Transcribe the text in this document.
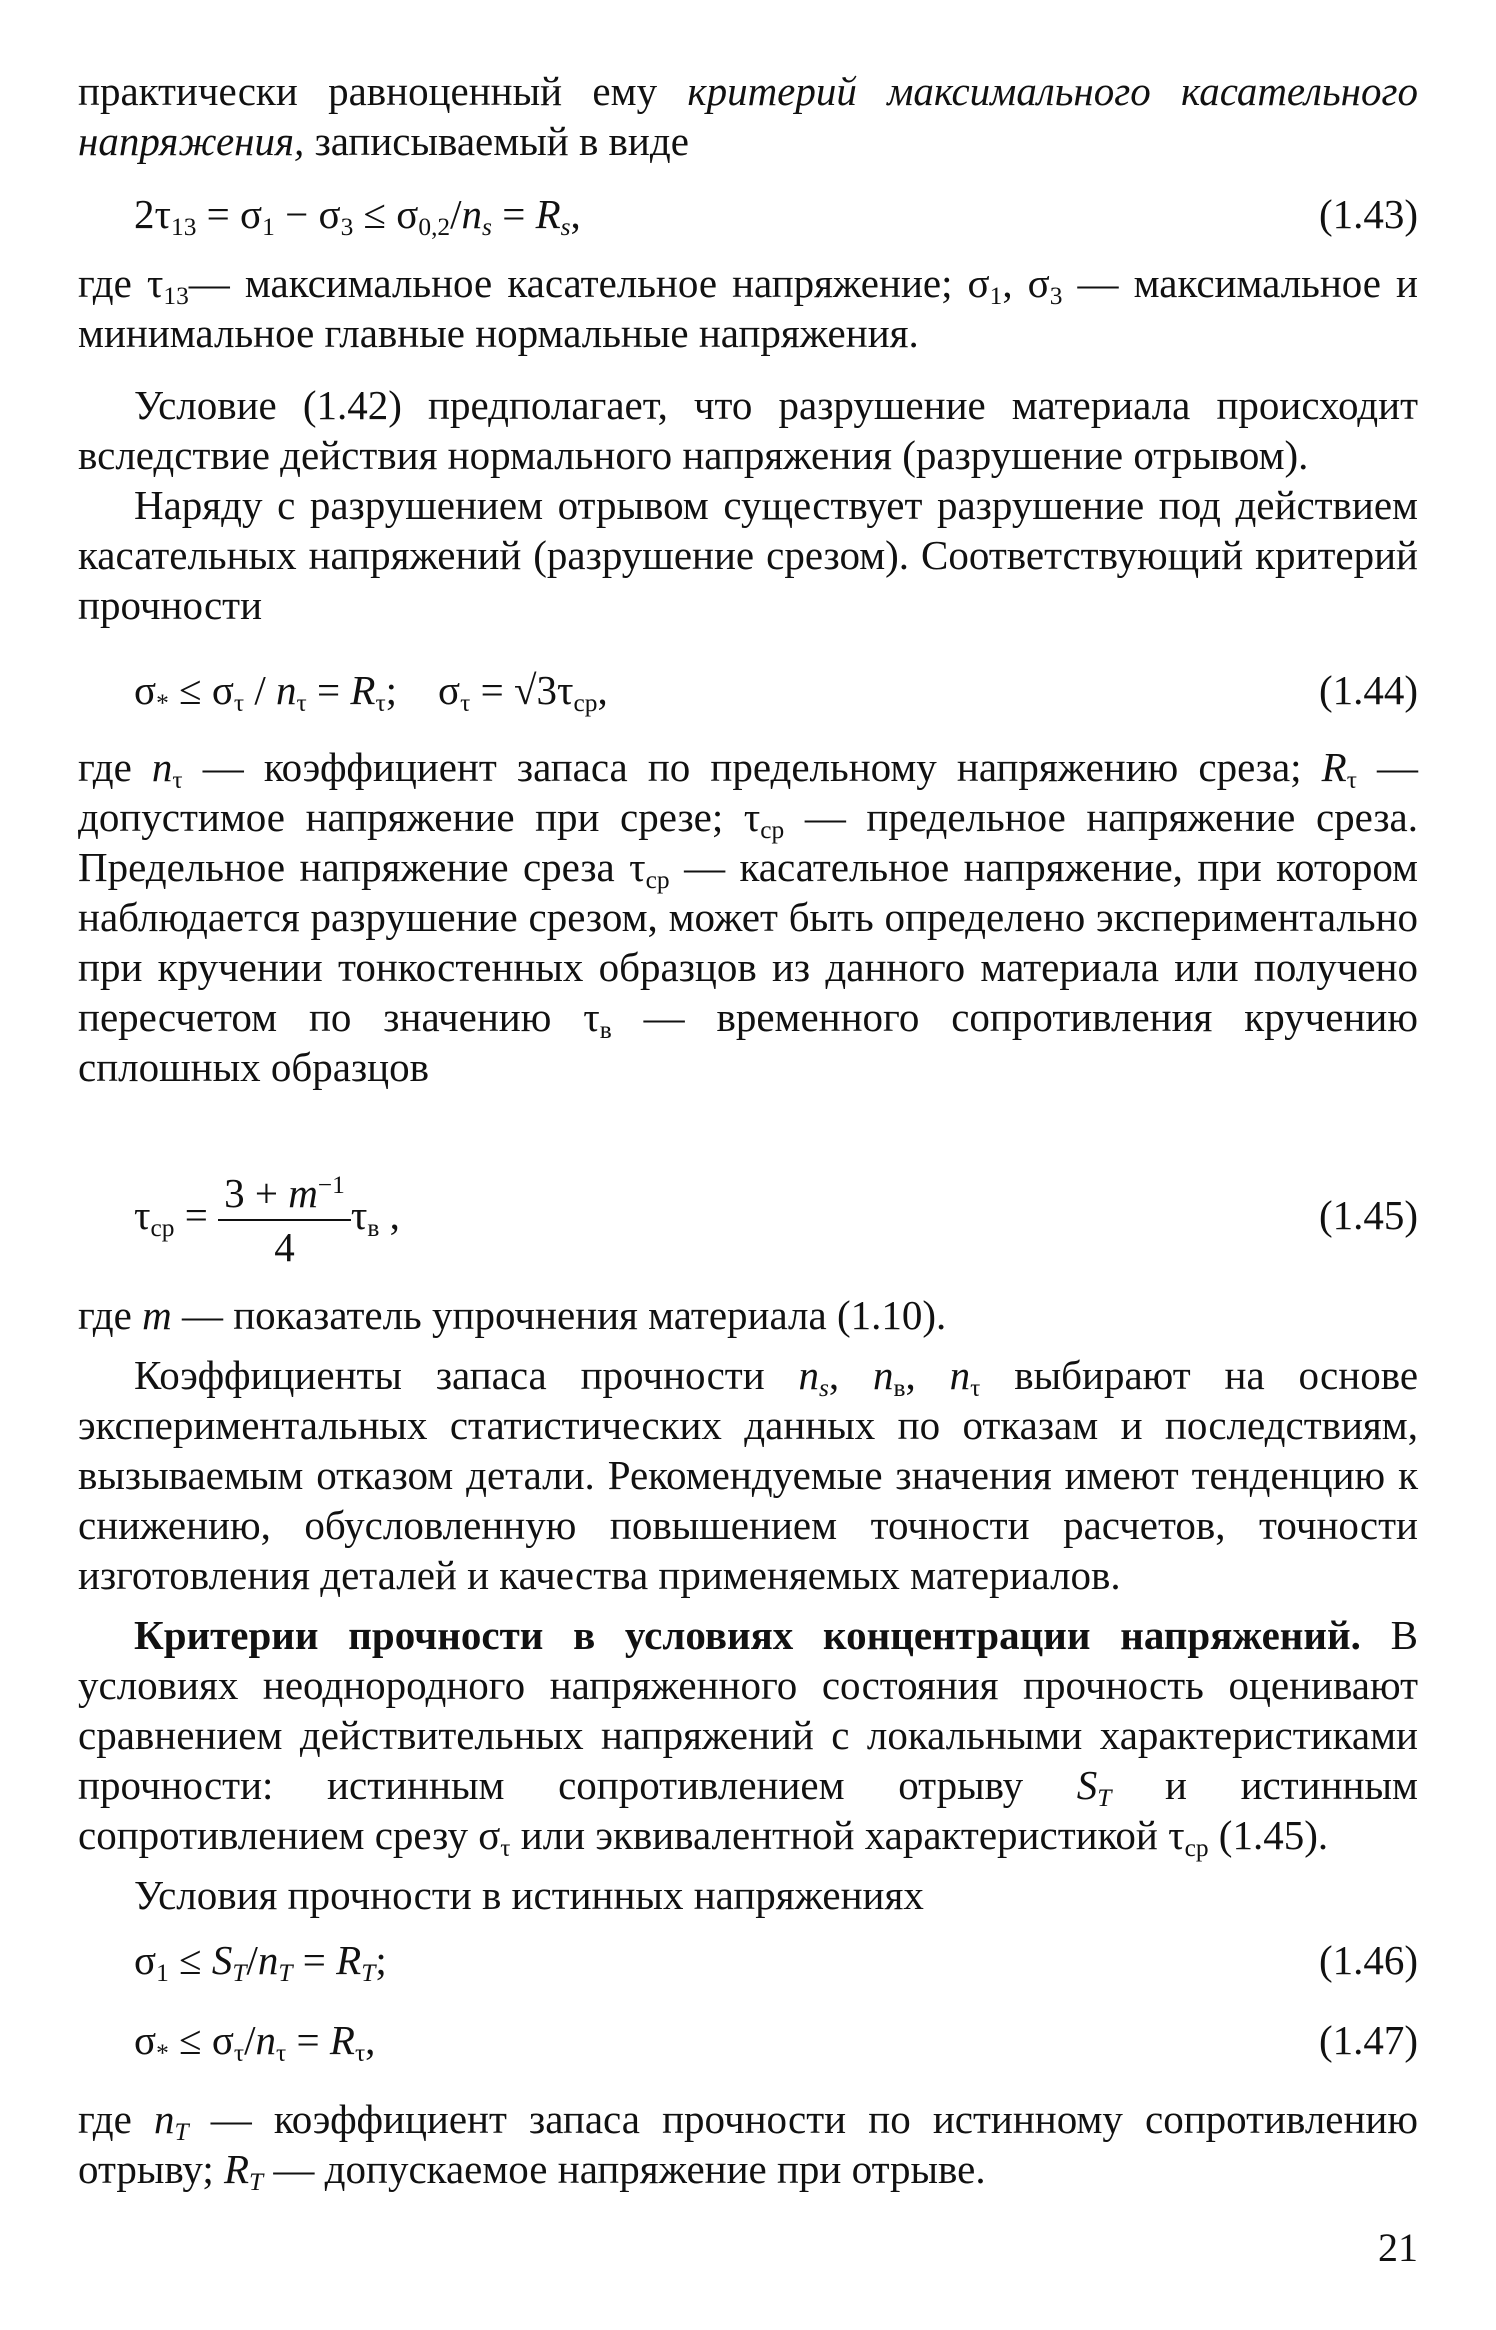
практически равноценный ему критерий максимального касательного напряжения, записываемый в виде
$2\tau_{13} = \sigma_1 - \sigma_3 \le \sigma_{0,2}/n_s = R_s$,	(1.43)
где $\tau_{13}—$ максимальное касательное напряжение; $\sigma_1$, $\sigma_3$ — максимальное и минимальное главные нормальные напряжения.
Условие (1.42) предполагает, что разрушение материала происходит вследствие действия нормального напряжения (разрушение отрывом).
Наряду с разрушением отрывом существует разрушение под действием касательных напряжений (разрушение срезом). Соответствующий критерий прочности
$\sigma_* \le \sigma_\tau / n_\tau = R_\tau$;    $\sigma_\tau = √3\tau_{ср}$,	(1.44)
где $n_\tau$ — коэффициент запаса по предельному напряжению среза; $R_\tau$ — допустимое напряжение при срезе; $\tau_{ср}$ — предельное напряжение среза. Предельное напряжение среза $\tau_{ср}$ — касательное напряжение, при котором наблюдается разрушение срезом, может быть определено экспериментально при кручении тонкостенных образцов из данного материала или получено пересчетом по значению $\tau_в$ — временного сопротивления кручению сплошных образцов
$\tau_{ср} = \frac{3 + m^{-1}}{4} \tau_в$ ,	(1.45)
где m — показатель упрочнения материала (1.10).
Коэффициенты запаса прочности $n_s$, $n_в$, $n_\tau$ выбирают на основе экспериментальных статистических данных по отказам и последствиям, вызываемым отказом детали. Рекомендуемые значения имеют тенденцию к снижению, обусловленную повышением точности расчетов, точности изготовления деталей и качества применяемых материалов.
Критерии прочности в условиях концентрации напряжений. В условиях неоднородного напряженного состояния прочность оценивают сравнением действительных напряжений с локальными характеристиками прочности: истинным сопротивлением отрыву $S_T$ и истинным сопротивлением срезу $\sigma_\tau$ или эквивалентной характеристикой $\tau_{ср}$ (1.45).
Условия прочности в истинных напряжениях
$\sigma_1 \le S_T/n_T = R_T$;	(1.46)
$\sigma_* \le \sigma_\tau/n_\tau = R_\tau$,	(1.47)
где $n_T$ — коэффициент запаса прочности по истинному сопротивлению отрыву; $R_T$ — допускаемое напряжение при отрыве.
21
